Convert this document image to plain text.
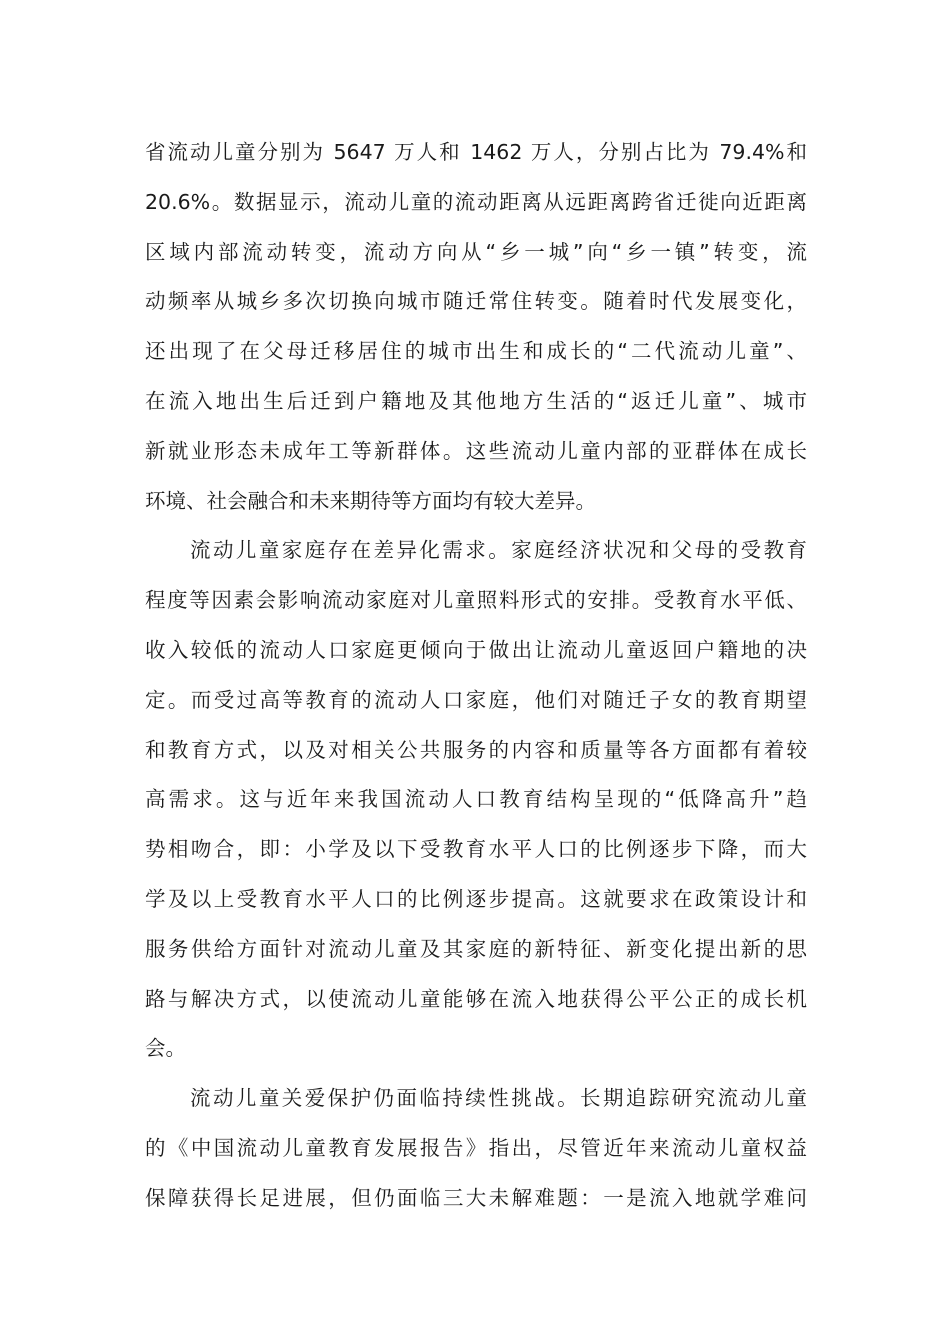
省流动儿童分别为 5647 万人和 1462 万人，分别占比为 79.4%和
20.6%。数据显示，流动儿童的流动距离从远距离跨省迁徙向近距离
区域内部流动转变，流动方向从“乡一城”向“乡一镇”转变，流
动频率从城乡多次切换向城市随迁常住转变。随着时代发展变化，
还出现了在父母迁移居住的城市出生和成长的“二代流动儿童”、
在流入地出生后迁到户籍地及其他地方生活的“返迁儿童”、城市
新就业形态未成年工等新群体。这些流动儿童内部的亚群体在成长
环境、社会融合和未来期待等方面均有较大差异。
流动儿童家庭存在差异化需求。家庭经济状况和父母的受教育
程度等因素会影响流动家庭对儿童照料形式的安排。受教育水平低、
收入较低的流动人口家庭更倾向于做出让流动儿童返回户籍地的决
定。而受过高等教育的流动人口家庭，他们对随迁子女的教育期望
和教育方式，以及对相关公共服务的内容和质量等各方面都有着较
高需求。这与近年来我国流动人口教育结构呈现的“低降高升”趋
势相吻合，即：小学及以下受教育水平人口的比例逐步下降，而大
学及以上受教育水平人口的比例逐步提高。这就要求在政策设计和
服务供给方面针对流动儿童及其家庭的新特征、新变化提出新的思
路与解决方式，以使流动儿童能够在流入地获得公平公正的成长机
会。
流动儿童关爱保护仍面临持续性挑战。长期追踪研究流动儿童
的《中国流动儿童教育发展报告》指出，尽管近年来流动儿童权益
保障获得长足进展，但仍面临三大未解难题：一是流入地就学难问
